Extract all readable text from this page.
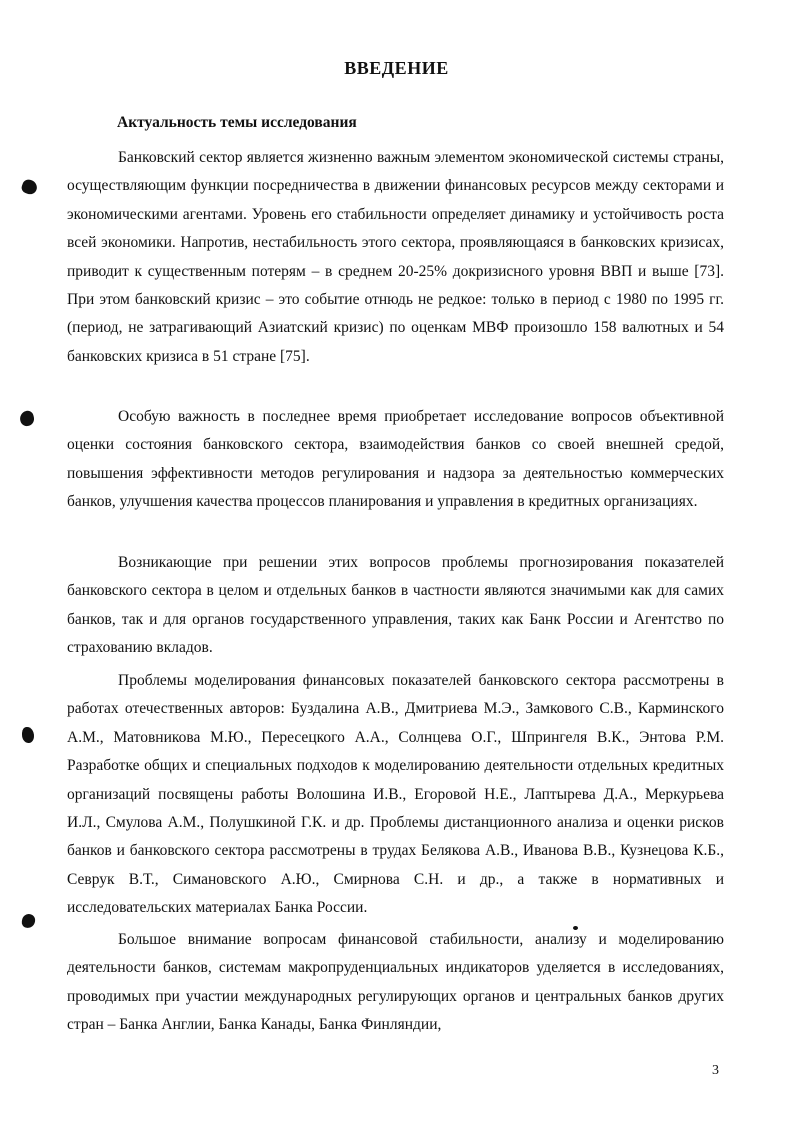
ВВЕДЕНИЕ
Актуальность темы исследования

Банковский сектор является жизненно важным элементом экономической системы страны, осуществляющим функции посредничества в движении финансовых ресурсов между секторами и экономическими агентами. Уровень его стабильности определяет динамику и устойчивость роста всей экономики. Напротив, нестабильность этого сектора, проявляющаяся в банковских кризисах, приводит к существенным потерям – в среднем 20-25% докризисного уровня ВВП и выше [73]. При этом банковский кризис – это событие отнюдь не редкое: только в период с 1980 по 1995 гг. (период, не затрагивающий Азиатский кризис) по оценкам МВФ произошло 158 валютных и 54 банковских кризиса в 51 стране [75].

Особую важность в последнее время приобретает исследование вопросов объективной оценки состояния банковского сектора, взаимодействия банков со своей внешней средой, повышения эффективности методов регулирования и надзора за деятельностью коммерческих банков, улучшения качества процессов планирования и управления в кредитных организациях.

Возникающие при решении этих вопросов проблемы прогнозирования показателей банковского сектора в целом и отдельных банков в частности являются значимыми как для самих банков, так и для органов государственного управления, таких как Банк России и Агентство по страхованию вкладов.

Проблемы моделирования финансовых показателей банковского сектора рассмотрены в работах отечественных авторов: Буздалина А.В., Дмитриева М.Э., Замкового С.В., Карминского А.М., Матовникова М.Ю., Пересецкого А.А., Солнцева О.Г., Шпрингеля В.К., Энтова Р.М. Разработке общих и специальных подходов к моделированию деятельности отдельных кредитных организаций посвящены работы Волошина И.В., Егоровой Н.Е., Лаптырева Д.А., Меркурьева И.Л., Смулова А.М., Полушкиной Г.К. и др. Проблемы дистанционного анализа и оценки рисков банков и банковского сектора рассмотрены в трудах Белякова А.В., Иванова В.В., Кузнецова К.Б., Севрук В.Т., Симановского А.Ю., Смирнова С.Н. и др., а также в нормативных и исследовательских материалах Банка России.

Большое внимание вопросам финансовой стабильности, анализу и моделированию деятельности банков, системам макропруденциальных индикаторов уделяется в исследованиях, проводимых при участии международных регулирующих органов и центральных банков других стран – Банка Англии, Банка Канады, Банка Финляндии,

3
